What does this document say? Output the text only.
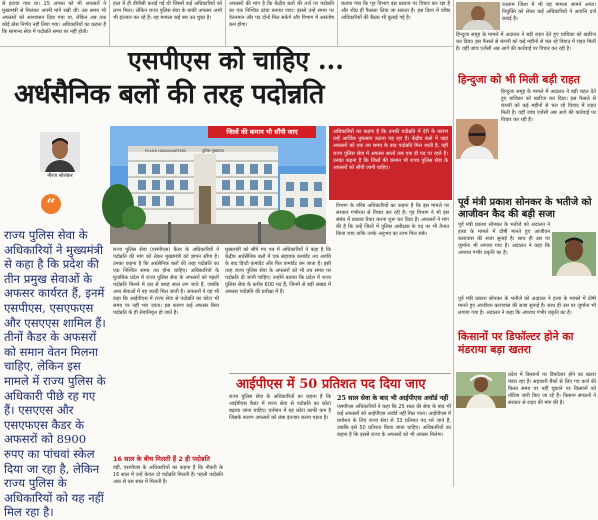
से हटाया गया था। 15 अगस्त को भी अफसरों ने मुख्यमंत्री से मिलकर अपनी मांगें रखी थीं। उस समय भी अफसरों को आश्वासन दिया गया था, लेकिन अब तक कोई ठोस निर्णय नहीं लिया गया। अधिकारियों का कहना है कि सामान्य सेवा में पदोन्नति समय पर नहीं होती।
हाल में ही डीपीसी कराई गई थी जिसमें कई अधिकारियों को लाभ मिला। लेकिन राज्य पुलिस सेवा के बाकी अफसर अभी भी इंतजार कर रहे हैं। यह मामला कई बार उठ चुका है।
अफसरों की मांग है कि केंद्रीय बलों की तर्ज पर पदोन्नति का एक निश्चित ढांचा बनाया जाए। इससे उन्हें समय पर वेतनमान और पद दोनों मिल सकेंगे और विभाग में असंतोष कम होगा।
बताया गया कि गृह विभाग इस प्रस्ताव पर विचार कर रहा है और शीघ्र ही फैसला लिया जा सकता है। इस दिशा में वरिष्ठ अधिकारियों की बैठक भी बुलाई गई है।
एसपीएस को चाहिए ...
अर्धसैनिक बलों की तरह पदोन्नति
नीरज सोलंकर
“
राज्य पुलिस सेवा के अधिकारियों ने मुख्यमंत्री से कहा है कि प्रदेश की तीन प्रमुख सेवाओं के अफसर कार्यरत हैं, इनमें एसपीएस, एसएफएस और एसएएस शामिल हैं। तीनों कैडर के अफसरों को समान वेतन मिलना चाहिए, लेकिन इस मामले में राज्य पुलिस के अधिकारी पीछे रह गए हैं। एसएएस और एसएफएस कैडर के अफसरों को 8900 रुपए का पांचवां स्केल दिया जा रहा है, लेकिन राज्य पुलिस के अधिकारियों को यह नहीं मिल रहा है।
POLICE HEADQUARTERS	पुलिस मुख्यालय
जिलों की कमान भी सौंपी जाए	अधिकारियों का कहना है कि उनकी पदोन्नति में देरी के कारण उन्हें आर्थिक नुकसान उठाना पड़ रहा है। केंद्रीय बलों में जहां अफसरों को एक तय समय के बाद पदोन्नति मिल जाती है, वहीं राज्य पुलिस सेवा में अफसर सालों तक एक ही पद पर रहते हैं। उनका कहना है कि जिलों की कमान भी राज्य पुलिस सेवा के अफसरों को सौंपी जानी चाहिए।
राज्य पुलिस सेवा (एसपीएस) कैडर के अधिकारियों ने पदोन्नति की मांग को लेकर मुख्यमंत्री को ज्ञापन सौंपा है। उनका कहना है कि अर्धसैनिक बलों की तरह पदोन्नति का एक निश्चित समय तय होना चाहिए। अधिकारियों के मुताबिक प्रदेश में राज्य पुलिस सेवा के अफसरों को पहली पदोन्नति मिलने में दस से बारह साल लग जाते हैं, जबकि अन्य सेवाओं में यह जल्दी मिल जाती है। अफसरों ने यह भी कहा कि आईपीएस में राज्य सेवा से पदोन्नति का कोटा भी समय पर नहीं भरा जाता। इस कारण कई अफसर बिना पदोन्नति के ही सेवानिवृत्त हो जाते हैं।
मुख्यमंत्री को सौंपे गए पत्र में अधिकारियों ने कहा है कि केंद्रीय अर्धसैनिक बलों में एक सहायक कमांडेंट तय अवधि के बाद डिप्टी कमांडेंट और फिर कमांडेंट बन जाता है। इसी तरह राज्य पुलिस सेवा के अफसरों को भी तय समय पर पदोन्नति दी जानी चाहिए। उन्होंने बताया कि प्रदेश में राज्य पुलिस सेवा के करीब 600 पद हैं, जिनमें से बड़ी संख्या में अफसर पदोन्नति की प्रतीक्षा में हैं।
विभाग के वरिष्ठ अधिकारियों का कहना है कि इस मामले पर सरकार गंभीरता से विचार कर रही है। गृह विभाग ने भी इस संबंध में प्रस्ताव तैयार करना शुरू कर दिया है। अफसरों ने मांग की है कि उन्हें जिलों में पुलिस अधीक्षक के पद पर भी तैनात किया जाए ताकि उनके अनुभव का लाभ मिल सके।
16 साल के बीच मिलती हैं 2 ही पदोन्नति
वहीं, एसपीएस के अधिकारियों का कहना है कि नौकरी के 16 साल में उन्हें केवल दो पदोन्नति मिलती हैं। पहली पदोन्नति आठ से दस साल में मिलती है।
आईपीएस में 50 प्रतिशत पद दिया जाए
राज्य पुलिस सेवा के अधिकारियों का कहना है कि आईपीएस कैडर में राज्य सेवा से पदोन्नति का कोटा बढ़ाया जाना चाहिए। वर्तमान में यह कोटा काफी कम है जिसके कारण अफसरों को लंबा इंतजार करना पड़ता है।
25 साल सेवा के बाद भी आईपीएस अवॉर्ड नहीं
एसपीएस अधिकारियों ने कहा कि 25 साल की सेवा के बाद भी कई अफसरों को आईपीएस अवॉर्ड नहीं मिल पाता। आईपीएस में प्रमोशन के लिए राज्य सेवा से 33 प्रतिशत पद भरे जाते हैं, जबकि इसे 50 प्रतिशत किया जाना चाहिए। अधिकारियों का कहना है कि इससे राज्य के अफसरों को भी अवसर मिलेगा।
रतलाम जिला में भी यह मामला सामने आया। नियुक्ति को लेकर कई अधिकारियों ने आपत्ति दर्ज कराई है।
हिन्दुजा समूह के मामले में अदालत ने बड़ी राहत देते हुए याचिका को खारिज कर दिया। इस फैसले से कंपनी को कई महीनों से चल रहे विवाद में राहत मिली है। वहीं जांच एजेंसी अब आगे की कार्रवाई पर विचार कर रही है।
हिन्दुजा को भी मिली बड़ी राहत
हिन्दुजा समूह के मामले में अदालत ने बड़ी राहत देते हुए याचिका को खारिज कर दिया। इस फैसले से कंपनी को कई महीनों से चल रहे विवाद में राहत मिली है। वहीं जांच एजेंसी अब आगे की कार्रवाई पर विचार कर रही है।
पूर्व मंत्री प्रकाश सोनकर के भतीजे को आजीवन कैद की बड़ी सजा
पूर्व मंत्री प्रकाश सोनकर के भतीजे को अदालत ने हत्या के मामले में दोषी मानते हुए आजीवन कारावास की सजा सुनाई है। साथ ही उस पर जुर्माना भी लगाया गया है। अदालत ने कहा कि अपराध गंभीर प्रकृति का है।
पूर्व मंत्री प्रकाश सोनकर के भतीजे को अदालत ने हत्या के मामले में दोषी मानते हुए आजीवन कारावास की सजा सुनाई है। साथ ही उस पर जुर्माना भी लगाया गया है। अदालत ने कहा कि अपराध गंभीर प्रकृति का है।
किसानों पर डिफॉल्टर होने का मंडराया बड़ा खतरा
प्रदेश में किसानों पर डिफॉल्टर होने का खतरा मंडरा रहा है। सहकारी बैंकों से लिए गए कर्ज की किस्त समय पर नहीं चुकाने पर किसानों को नोटिस जारी किए जा रहे हैं। किसान संगठनों ने सरकार से राहत की मांग की है।
